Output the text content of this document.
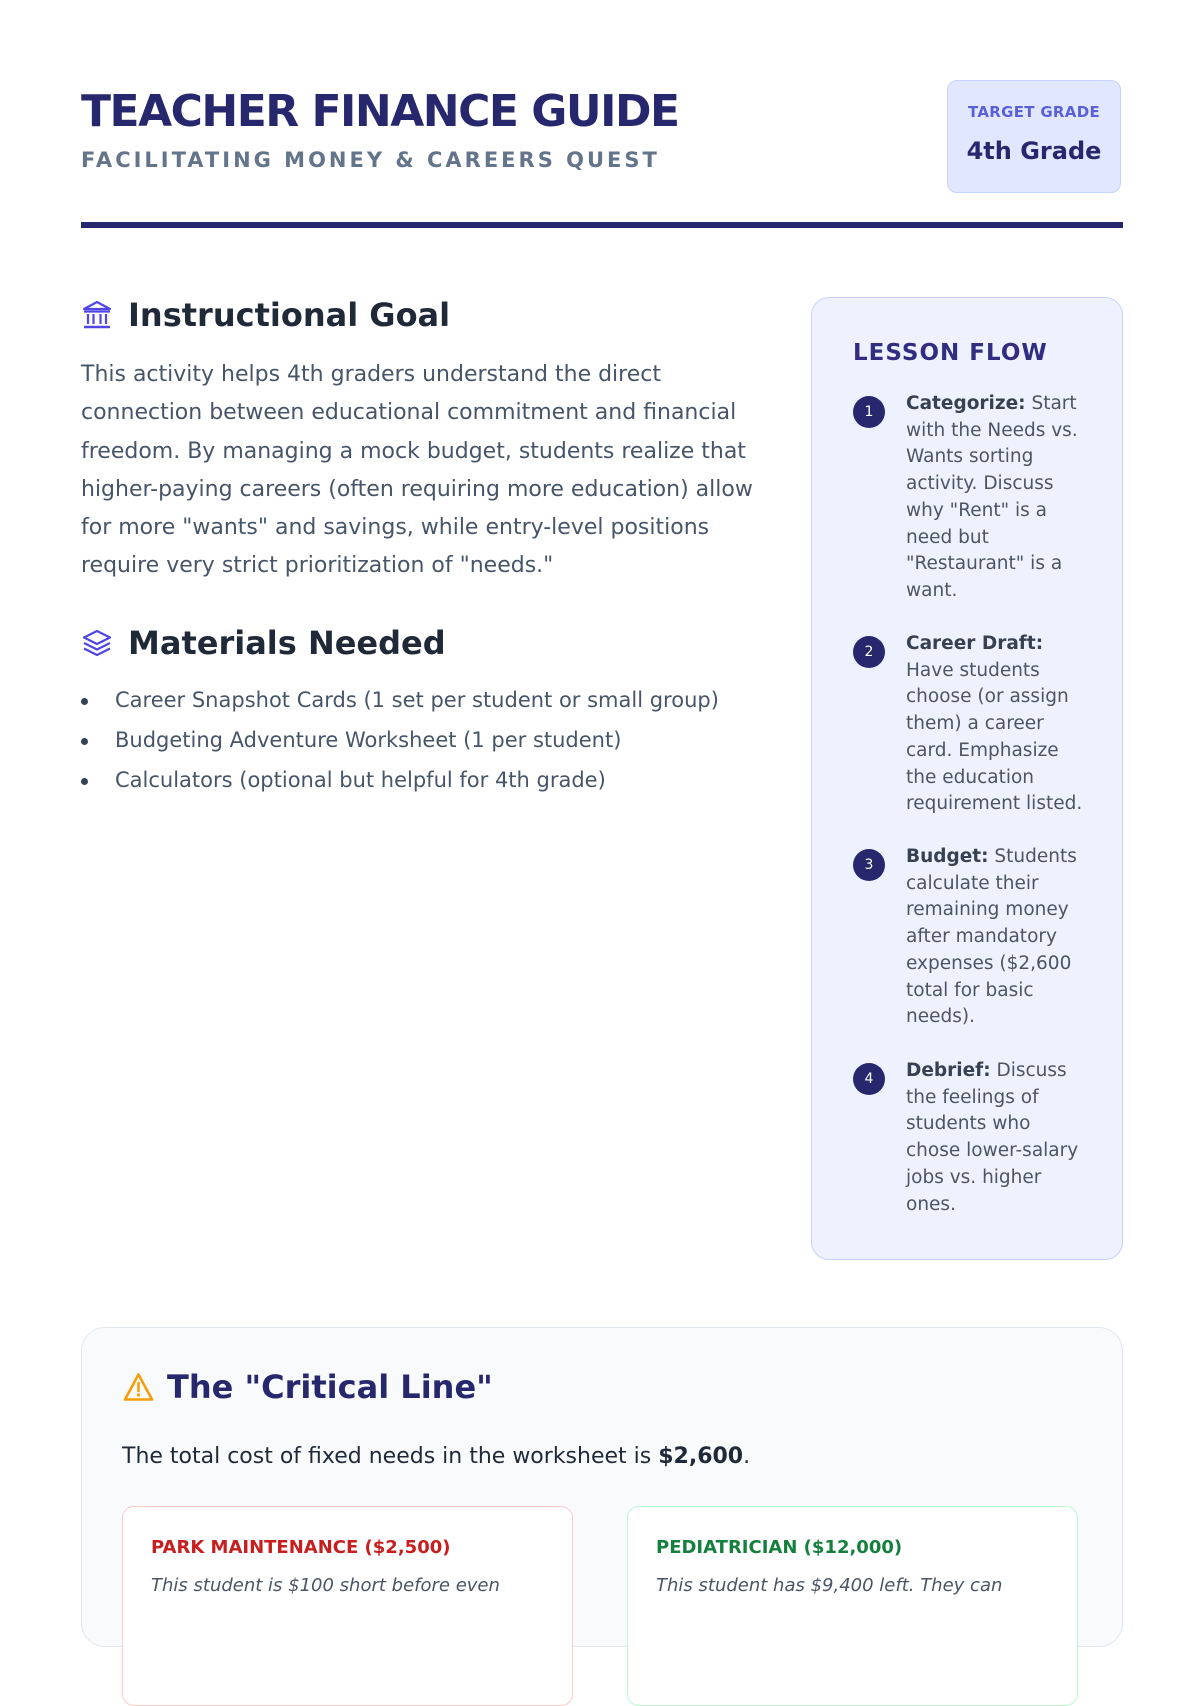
TEACHER FINANCE GUIDE
FACILITATING MONEY & CAREERS QUEST
TARGET GRADE
4th Grade
Instructional Goal

This activity helps 4th graders understand the direct connection between educational commitment and financial freedom. By managing a mock budget, students realize that higher-paying careers (often requiring more education) allow for more "wants" and savings, while entry-level positions require very strict prioritization of "needs."

Materials Needed
Career Snapshot Cards (1 set per student or small group)
Budgeting Adventure Worksheet (1 per student)
Calculators (optional but helpful for 4th grade)
LESSON FLOW
1	Categorize: Start with the Needs vs. Wants sorting activity. Discuss why "Rent" is a need but "Restaurant" is a want.
2	Career Draft: Have students choose (or assign them) a career card. Emphasize the education requirement listed.
3	Budget: Students calculate their remaining money after mandatory expenses ($2,600 total for basic needs).
4	Debrief: Discuss the feelings of students who chose lower-salary jobs vs. higher ones.
The "Critical Line"
The total cost of fixed needs in the worksheet is $2,600.
PARK MAINTENANCE ($2,500)
This student is $100 short before even
PEDIATRICIAN ($12,000)
This student has $9,400 left. They can
